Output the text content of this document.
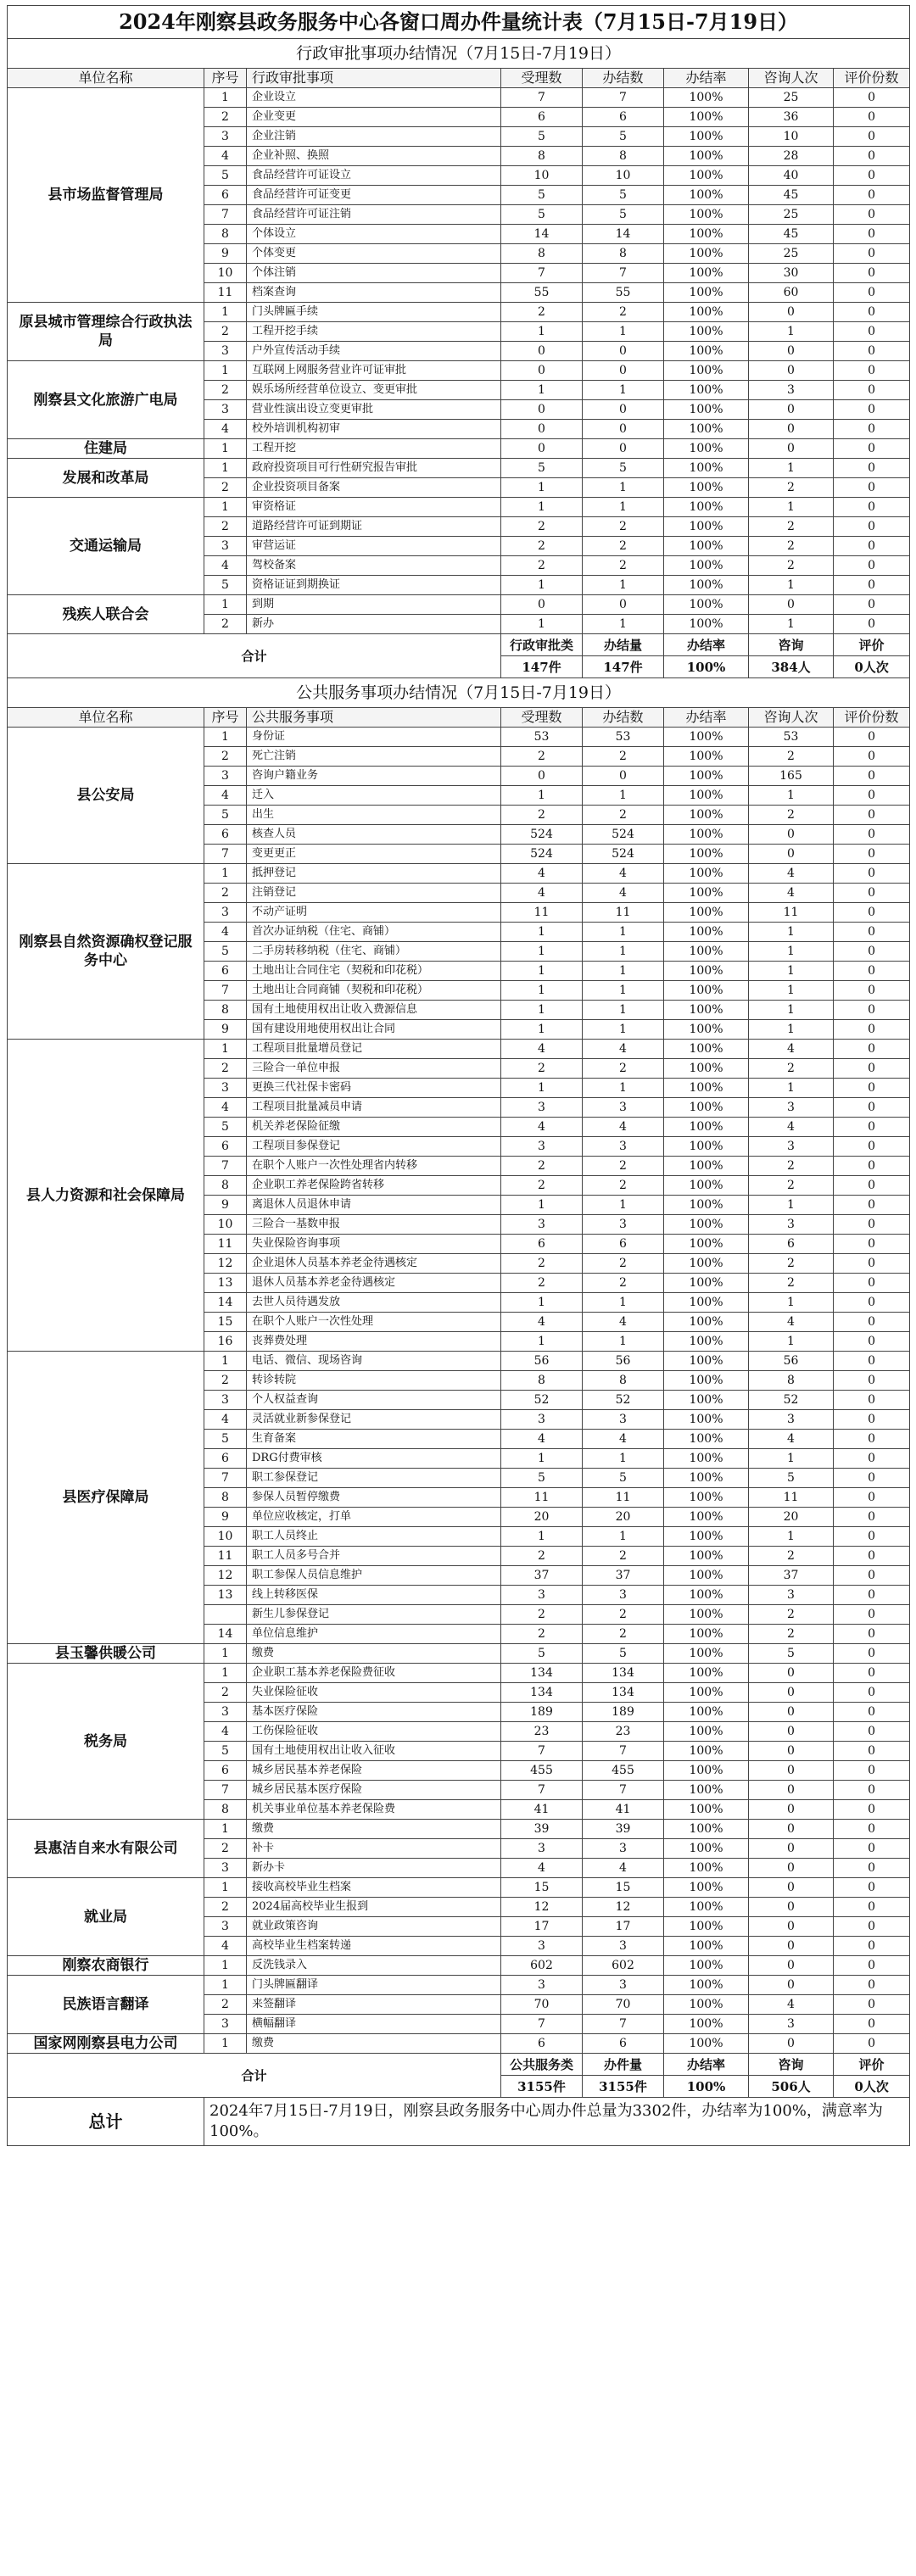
2024年刚察县政务服务中心各窗口周办件量统计表（7月15日-7月19日）							
行政审批事项办结情况（7月15日-7月19日）							
单位名称	序号	行政审批事项	受理数	办结数	办结率	咨询人次	评价份数
县市场监督管理局	1	企业设立	7	7	100%	25	0
	2	企业变更	6	6	100%	36	0
	3	企业注销	5	5	100%	10	0
	4	企业补照、换照	8	8	100%	28	0
	5	食品经营许可证设立	10	10	100%	40	0
	6	食品经营许可证变更	5	5	100%	45	0
	7	食品经营许可证注销	5	5	100%	25	0
	8	个体设立	14	14	100%	45	0
	9	个体变更	8	8	100%	25	0
	10	个体注销	7	7	100%	30	0
	11	档案查询	55	55	100%	60	0
原县城市管理综合行政执法局	1	门头牌匾手续	2	2	100%	0	0
	2	工程开挖手续	1	1	100%	1	0
	3	户外宣传活动手续	0	0	100%	0	0
刚察县文化旅游广电局	1	互联网上网服务营业许可证审批	0	0	100%	0	0
	2	娱乐场所经营单位设立、变更审批	1	1	100%	3	0
	3	营业性演出设立变更审批	0	0	100%	0	0
	4	校外培训机构初审	0	0	100%	0	0
住建局	1	工程开挖	0	0	100%	0	0
发展和改革局	1	政府投资项目可行性研究报告审批	5	5	100%	1	0
	2	企业投资项目备案	1	1	100%	2	0
交通运输局	1	审资格证	1	1	100%	1	0
	2	道路经营许可证到期证	2	2	100%	2	0
	3	审营运证	2	2	100%	2	0
	4	驾校备案	2	2	100%	2	0
	5	资格证证到期换证	1	1	100%	1	0
残疾人联合会	1	到期	0	0	100%	0	0
	2	新办	1	1	100%	1	0
合计			行政审批类	办结量	办结率	咨询	评价
			147件	147件	100%	384人	0人次
公共服务事项办结情况（7月15日-7月19日）							
单位名称	序号	公共服务事项	受理数	办结数	办结率	咨询人次	评价份数
县公安局	1	身份证	53	53	100%	53	0
	2	死亡注销	2	2	100%	2	0
	3	咨询户籍业务	0	0	100%	165	0
	4	迁入	1	1	100%	1	0
	5	出生	2	2	100%	2	0
	6	核查人员	524	524	100%	0	0
	7	变更更正	524	524	100%	0	0
刚察县自然资源确权登记服务中心	1	抵押登记	4	4	100%	4	0
	2	注销登记	4	4	100%	4	0
	3	不动产证明	11	11	100%	11	0
	4	首次办证纳税（住宅、商铺）	1	1	100%	1	0
	5	二手房转移纳税（住宅、商铺）	1	1	100%	1	0
	6	土地出让合同住宅（契税和印花税）	1	1	100%	1	0
	7	土地出让合同商铺（契税和印花税）	1	1	100%	1	0
	8	国有土地使用权出让收入费源信息	1	1	100%	1	0
	9	国有建设用地使用权出让合同	1	1	100%	1	0
县人力资源和社会保障局	1	工程项目批量增员登记	4	4	100%	4	0
	2	三险合一单位申报	2	2	100%	2	0
	3	更换三代社保卡密码	1	1	100%	1	0
	4	工程项目批量减员申请	3	3	100%	3	0
	5	机关养老保险征缴	4	4	100%	4	0
	6	工程项目参保登记	3	3	100%	3	0
	7	在职个人账户一次性处理省内转移	2	2	100%	2	0
	8	企业职工养老保险跨省转移	2	2	100%	2	0
	9	离退休人员退休申请	1	1	100%	1	0
	10	三险合一基数申报	3	3	100%	3	0
	11	失业保险咨询事项	6	6	100%	6	0
	12	企业退休人员基本养老金待遇核定	2	2	100%	2	0
	13	退休人员基本养老金待遇核定	2	2	100%	2	0
	14	去世人员待遇发放	1	1	100%	1	0
	15	在职个人账户一次性处理	4	4	100%	4	0
	16	丧葬费处理	1	1	100%	1	0
县医疗保障局	1	电话、微信、现场咨询	56	56	100%	56	0
	2	转诊转院	8	8	100%	8	0
	3	个人权益查询	52	52	100%	52	0
	4	灵活就业新参保登记	3	3	100%	3	0
	5	生育备案	4	4	100%	4	0
	6	DRG付费审核	1	1	100%	1	0
	7	职工参保登记	5	5	100%	5	0
	8	参保人员暂停缴费	11	11	100%	11	0
	9	单位应收核定，打单	20	20	100%	20	0
	10	职工人员终止	1	1	100%	1	0
	11	职工人员多号合并	2	2	100%	2	0
	12	职工参保人员信息维护	37	37	100%	37	0
	13	线上转移医保	3	3	100%	3	0
		新生儿参保登记	2	2	100%	2	0
	14	单位信息维护	2	2	100%	2	0
县玉馨供暖公司	1	缴费	5	5	100%	5	0
税务局	1	企业职工基本养老保险费征收	134	134	100%	0	0
	2	失业保险征收	134	134	100%	0	0
	3	基本医疗保险	189	189	100%	0	0
	4	工伤保险征收	23	23	100%	0	0
	5	国有土地使用权出让收入征收	7	7	100%	0	0
	6	城乡居民基本养老保险	455	455	100%	0	0
	7	城乡居民基本医疗保险	7	7	100%	0	0
	8	机关事业单位基本养老保险费	41	41	100%	0	0
县惠洁自来水有限公司	1	缴费	39	39	100%	0	0
	2	补卡	3	3	100%	0	0
	3	新办卡	4	4	100%	0	0
就业局	1	接收高校毕业生档案	15	15	100%	0	0
	2	2024届高校毕业生报到	12	12	100%	0	0
	3	就业政策咨询	17	17	100%	0	0
	4	高校毕业生档案转递	3	3	100%	0	0
刚察农商银行	1	反洗钱录入	602	602	100%	0	0
民族语言翻译	1	门头牌匾翻译	3	3	100%	0	0
	2	来签翻译	70	70	100%	4	0
	3	横幅翻译	7	7	100%	3	0
国家网刚察县电力公司	1	缴费	6	6	100%	0	0
合计			公共服务类	办件量	办结率	咨询	评价
			3155件	3155件	100%	506人	0人次
总计	2024年7月15日-7月19日，刚察县政务服务中心周办件总量为3302件，办结率为100%，满意率为100%。						
